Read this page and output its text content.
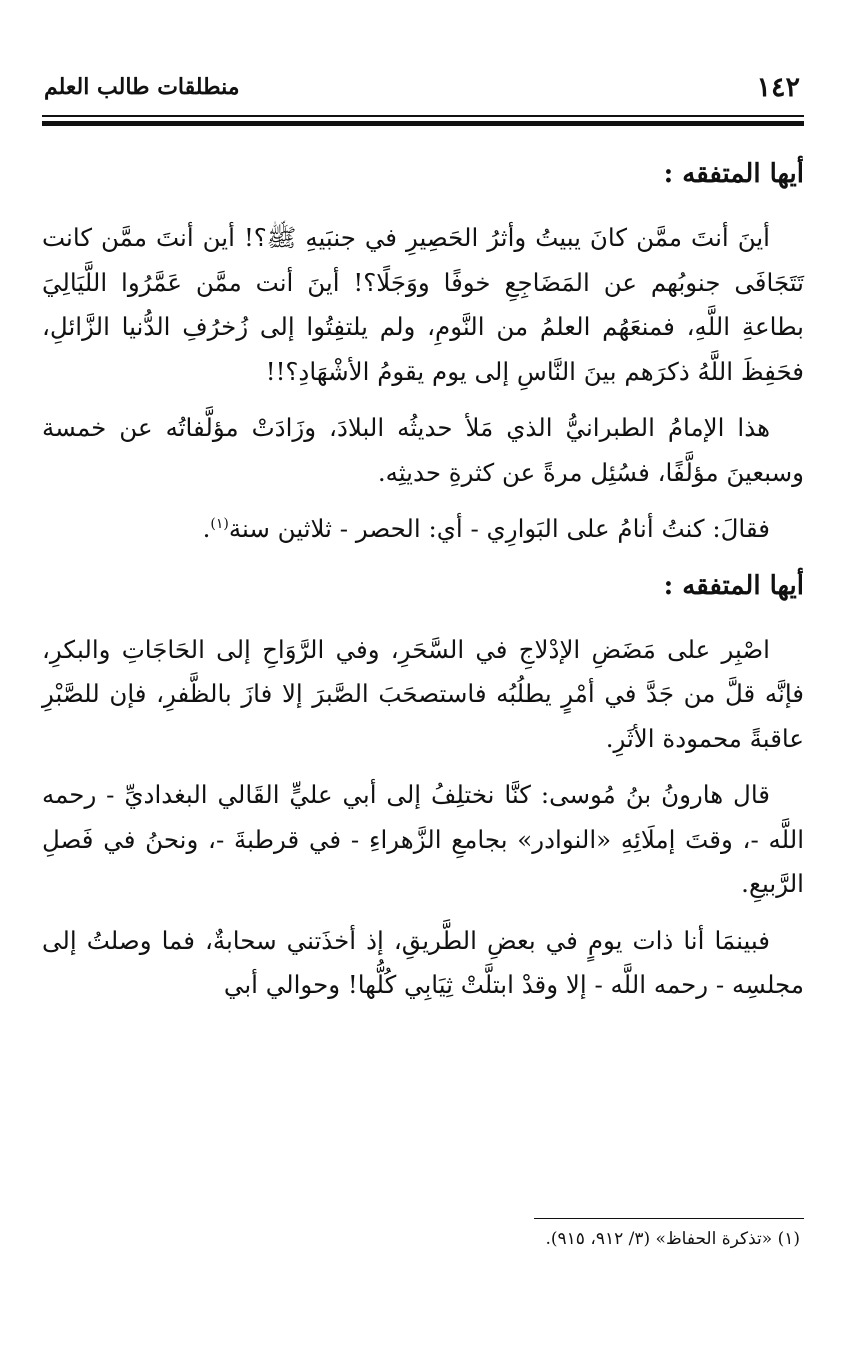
١٤٢
منطلقات طالب العلم
أيها المتفقه :

أينَ أنتَ ممَّن كانَ يبيتُ وأثرُ الحَصِيرِ في جنبَيهِ ﷺ؟! أين أنتَ ممَّن كانت تَتَجَافَى جنوبُهم عن المَضَاجِعِ خوفًا ووَجَلًا؟! أينَ أنت ممَّن عَمَّرُوا اللَّيَالِيَ بطاعةِ اللَّهِ، فمنعَهُم العلمُ من النَّومِ، ولم يلتفِتُوا إلى زُخرُفِ الدُّنيا الزَّائلِ، فحَفِظَ اللَّهُ ذكرَهم بينَ النَّاسِ إلى يوم يقومُ الأشْهَادِ؟!!

هذا الإمامُ الطبرانيُّ الذي مَلأ حديثُه البلادَ، وزَادَتْ مؤلَّفاتُه عن خمسة وسبعينَ مؤلَّفًا، فسُئِل مرةً عن كثرةِ حديثِه.

فقالَ: كنتُ أنامُ على البَوارِي - أي: الحصر - ثلاثين سنة$^{(١)}$.

أيها المتفقه :

اصْبِر على مَضَضِ الإدْلاجِ في السَّحَرِ، وفي الرَّوَاحِ إلى الحَاجَاتِ والبكرِ، فإنَّه قلَّ من جَدَّ في أمْرٍ يطلُبُه فاستصحَبَ الصَّبرَ إلا فازَ بالظَّفرِ، فإن للصَّبْرِ عاقبةً محمودة الأثَرِ.

قال هارونُ بنُ مُوسى: كنَّا نختلِفُ إلى أبي عليٍّ القَالي البغداديِّ - رحمه اللَّه -، وقتَ إملَائِهِ «النوادر» بجامعِ الزَّهراءِ - في قرطبةَ -، ونحنُ في فَصلِ الرَّبيعِ.

فبينمَا أنا ذات يومٍ في بعضِ الطَّريقِ، إذ أخذَتني سحابةٌ، فما وصلتُ إلى مجلسِه - رحمه اللَّه - إلا وقدْ ابتلَّتْ ثِيَابِي كُلُّها! وحوالي أبي

(١) «تذكرة الحفاظ» (٣/ ٩١٢، ٩١٥).
